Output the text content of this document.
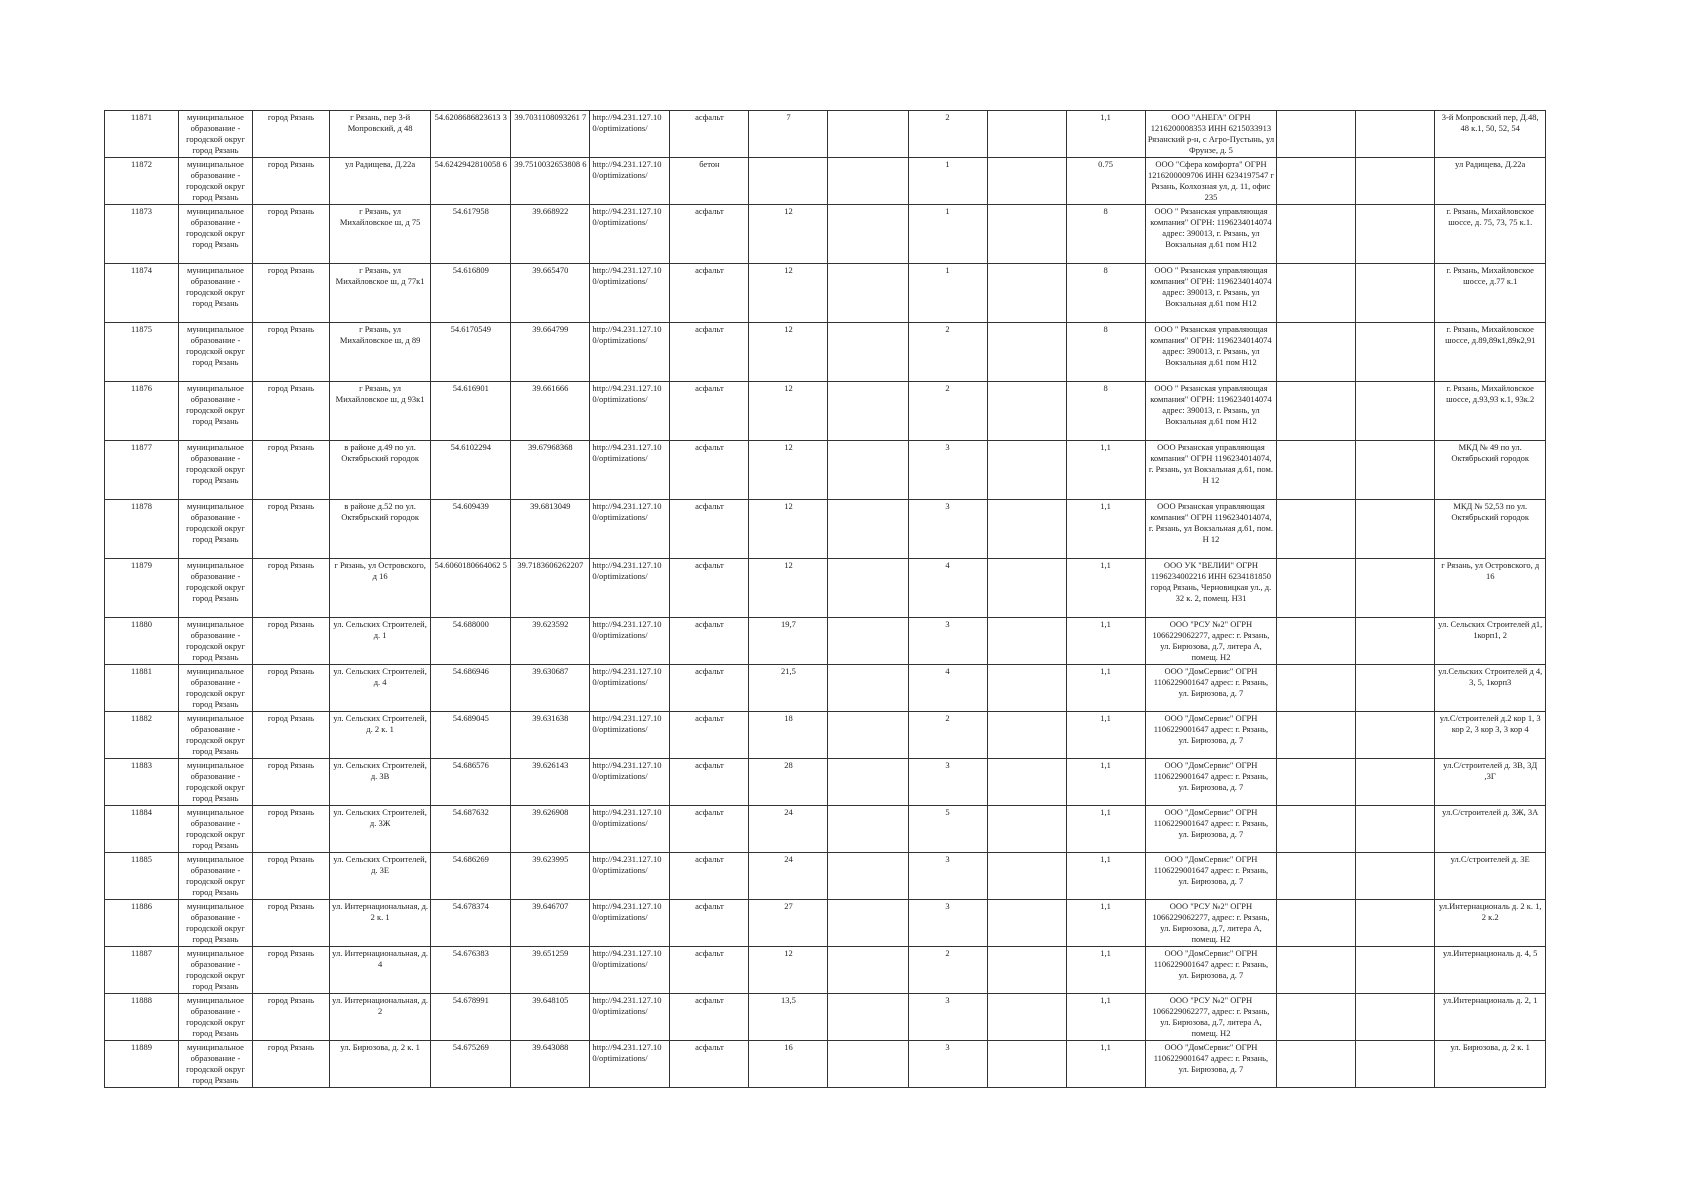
11871	муниципальное образование - городской округ город Рязань	город Рязань	г Рязань, пер 3-й Мопровский, д 48	54.6208686823613 3	39.7031108093261 7	http://94.231.127.10 0/optimizations/	асфальт	7		2		1,1	ООО "АНЕГА" ОГРН 1216200008353 ИНН 6215033913 Рязанский р-н, с Агро-Пустынь, ул Фрунзе, д. 5			3-й Мопровский пер, Д.48, 48 к.1, 50, 52, 54
11872	муниципальное образование - городской округ город Рязань	город Рязань	ул Радищева, Д.22а	54.6242942810058 6	39.7510032653808 6	http://94.231.127.10 0/optimizations/	бетон			1		0.75	ООО "Сфера комфорта" ОГРН 1216200009706 ИНН 6234197547 г Рязань, Колхозная ул, д. 11, офис 235			ул Радищева, Д.22а
11873	муниципальное образование - городской округ город Рязань	город Рязань	г Рязань, ул Михайловское ш, д 75	54.617958	39.668922	http://94.231.127.10 0/optimizations/	асфальт	12		1		8	ООО " Рязанская управляющая компания" ОГРН: 1196234014074 адрес: 390013, г. Рязань, ул Вокзальная д.61 пом Н12			г. Рязань, Михайловское шоссе, д. 75, 73, 75 к.1.
11874	муниципальное образование - городской округ город Рязань	город Рязань	г Рязань, ул Михайловское ш, д 77к1	54.616809	39.665470	http://94.231.127.10 0/optimizations/	асфальт	12		1		8	ООО " Рязанская управляющая компания" ОГРН: 1196234014074 адрес: 390013, г. Рязань, ул Вокзальная д.61 пом Н12			г. Рязань, Михайловское шоссе, д.77 к.1
11875	муниципальное образование - городской округ город Рязань	город Рязань	г Рязань, ул Михайловское ш, д 89	54.6170549	39.664799	http://94.231.127.10 0/optimizations/	асфальт	12		2		8	ООО " Рязанская управляющая компания" ОГРН: 1196234014074 адрес: 390013, г. Рязань, ул Вокзальная д.61 пом Н12			г. Рязань, Михайловское шоссе, д.89,89к1,89к2,91
11876	муниципальное образование - городской округ город Рязань	город Рязань	г Рязань, ул Михайловское ш, д 93к1	54.616901	39.661666	http://94.231.127.10 0/optimizations/	асфальт	12		2		8	ООО " Рязанская управляющая компания" ОГРН: 1196234014074 адрес: 390013, г. Рязань, ул Вокзальная д.61 пом Н12			г. Рязань, Михайловское шоссе, д.93,93 к.1, 93к.2
11877	муниципальное образование - городской округ город Рязань	город Рязань	в районе д.49 по ул. Октябрьский городок	54.6102294	39.67968368	http://94.231.127.10 0/optimizations/	асфальт	12		3		1,1	ООО Рязанская управляющая компания" ОГРН 1196234014074, г. Рязань, ул Вокзальная д.61, пом. Н 12			МКД № 49 по ул. Октябрьский городок
11878	муниципальное образование - городской округ город Рязань	город Рязань	в районе д.52 по ул. Октябрьский городок	54.609439	39.6813049	http://94.231.127.10 0/optimizations/	асфальт	12		3		1,1	ООО Рязанская управляющая компания" ОГРН 1196234014074, г. Рязань, ул Вокзальная д.61, пом. Н 12			МКД № 52,53 по ул. Октябрьский городок
11879	муниципальное образование - городской округ город Рязань	город Рязань	г Рязань, ул Островского, д 16	54.6060180664062 5	39.7183606262207	http://94.231.127.10 0/optimizations/	асфальт	12		4		1,1	ООО УК "ВЕЛИИ" ОГРН 1196234002216 ИНН 6234181850 город Рязань, Черновицкая ул., д. 32 к. 2, помещ. Н31			г Рязань, ул Островского, д 16
11880	муниципальное образование - городской округ город Рязань	город Рязань	ул. Сельских Строителей, д. 1	54.688000	39.623592	http://94.231.127.10 0/optimizations/	асфальт	19,7		3		1,1	ООО "РСУ №2" ОГРН 1066229062277, адрес: г. Рязань, ул. Бирюзова, д.7, литера А, помещ. Н2			ул. Сельских Строителей д1, 1корп1, 2
11881	муниципальное образование - городской округ город Рязань	город Рязань	ул. Сельских Строителей, д. 4	54.686946	39.630687	http://94.231.127.10 0/optimizations/	асфальт	21,5		4		1,1	ООО "ДомСервис" ОГРН 1106229001647 адрес: г. Рязань, ул. Бирюзова, д. 7			ул.Сельских Строителей д 4, 3, 5, 1корп3
11882	муниципальное образование - городской округ город Рязань	город Рязань	ул. Сельских Строителей, д. 2 к. 1	54.689045	39.631638	http://94.231.127.10 0/optimizations/	асфальт	18		2		1,1	ООО "ДомСервис" ОГРН 1106229001647 адрес: г. Рязань, ул. Бирюзова, д. 7			ул.С/строителей д.2 кор 1, 3 кор 2, 3 кор 3, 3 кор 4
11883	муниципальное образование - городской округ город Рязань	город Рязань	ул. Сельских Строителей, д. 3В	54.686576	39.626143	http://94.231.127.10 0/optimizations/	асфальт	28		3		1,1	ООО "ДомСервис" ОГРН 1106229001647 адрес: г. Рязань, ул. Бирюзова, д. 7			ул.С/строителей д. 3В, 3Д ,3Г
11884	муниципальное образование - городской округ город Рязань	город Рязань	ул. Сельских Строителей, д. 3Ж	54.687632	39.626908	http://94.231.127.10 0/optimizations/	асфальт	24		5		1,1	ООО "ДомСервис" ОГРН 1106229001647 адрес: г. Рязань, ул. Бирюзова, д. 7			ул.С/строителей д. 3Ж, 3А
11885	муниципальное образование - городской округ город Рязань	город Рязань	ул. Сельских Строителей, д. 3Е	54.686269	39.623995	http://94.231.127.10 0/optimizations/	асфальт	24		3		1,1	ООО "ДомСервис" ОГРН 1106229001647 адрес: г. Рязань, ул. Бирюзова, д. 7			ул.С/строителей д. 3Е
11886	муниципальное образование - городской округ город Рязань	город Рязань	ул. Интернациональная, д. 2 к. 1	54.678374	39.646707	http://94.231.127.10 0/optimizations/	асфальт	27		3		1,1	ООО "РСУ №2" ОГРН 1066229062277, адрес: г. Рязань, ул. Бирюзова, д.7, литера А, помещ. Н2			ул.Интернациональ д. 2 к. 1, 2 к.2
11887	муниципальное образование - городской округ город Рязань	город Рязань	ул. Интернациональная, д. 4	54.676383	39.651259	http://94.231.127.10 0/optimizations/	асфальт	12		2		1,1	ООО "ДомСервис" ОГРН 1106229001647 адрес: г. Рязань, ул. Бирюзова, д. 7			ул.Интернациональ д. 4, 5
11888	муниципальное образование - городской округ город Рязань	город Рязань	ул. Интернациональная, д. 2	54.678991	39.648105	http://94.231.127.10 0/optimizations/	асфальт	13,5		3		1,1	ООО "РСУ №2" ОГРН 1066229062277, адрес: г. Рязань, ул. Бирюзова, д.7, литера А, помещ. Н2			ул.Интернациональ д. 2, 1
11889	муниципальное образование - городской округ город Рязань	город Рязань	ул. Бирюзова, д. 2 к. 1	54.675269	39.643088	http://94.231.127.10 0/optimizations/	асфальт	16		3		1,1	ООО "ДомСервис" ОГРН 1106229001647 адрес: г. Рязань, ул. Бирюзова, д. 7			ул. Бирюзова, д. 2 к. 1
